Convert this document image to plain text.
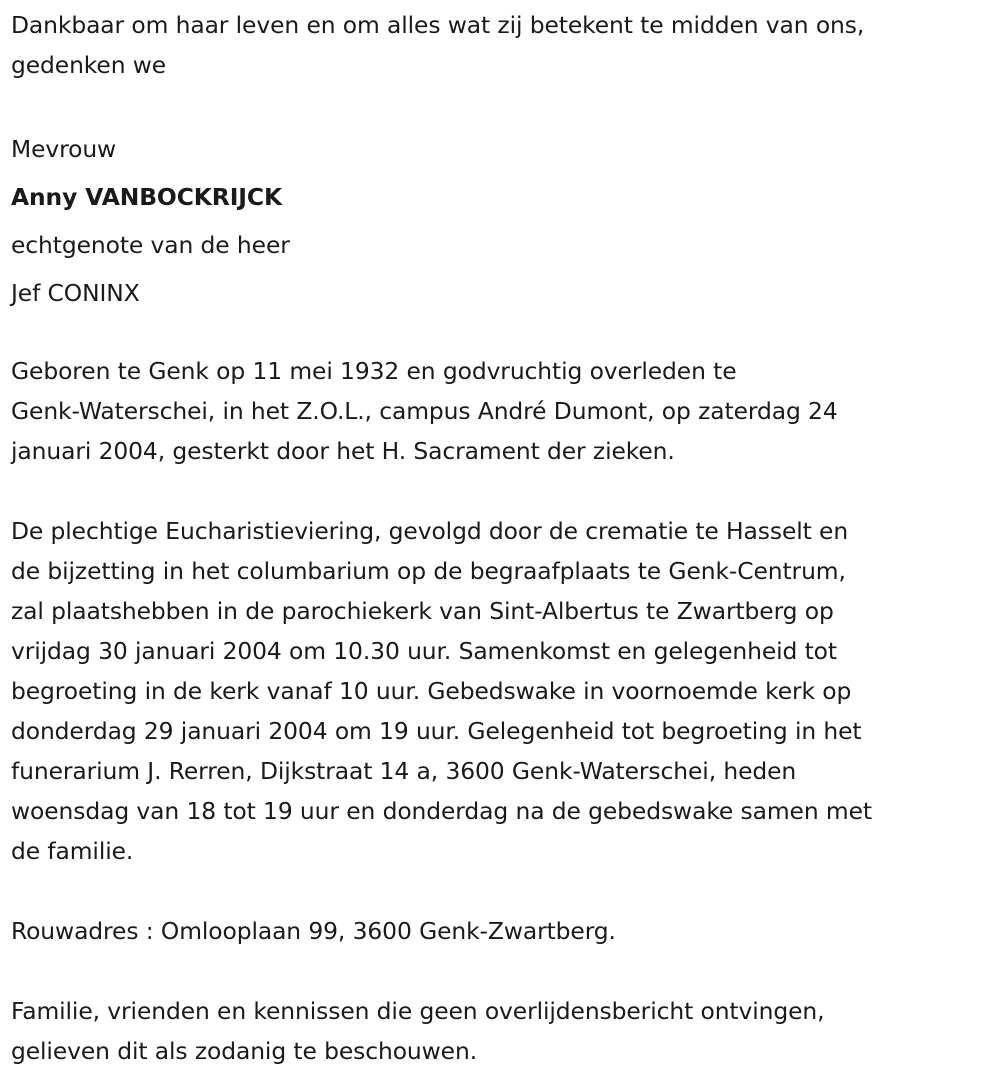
Dankbaar om haar leven en om alles wat zij betekent te midden van ons,
gedenken we

Mevrouw

Anny VANBOCKRIJCK

echtgenote van de heer

Jef CONINX

Geboren te Genk op 11 mei 1932 en godvruchtig overleden te
Genk-Waterschei, in het Z.O.L., campus André Dumont, op zaterdag 24
januari 2004, gesterkt door het H. Sacrament der zieken.
De plechtige Eucharistieviering, gevolgd door de crematie te Hasselt en
de bijzetting in het columbarium op de begraafplaats te Genk-Centrum,
zal plaatshebben in de parochiekerk van Sint-Albertus te Zwartberg op
vrijdag 30 januari 2004 om 10.30 uur. Samenkomst en gelegenheid tot
begroeting in de kerk vanaf 10 uur. Gebedswake in voornoemde kerk op
donderdag 29 januari 2004 om 19 uur. Gelegenheid tot begroeting in het
funerarium J. Rerren, Dijkstraat 14 a, 3600 Genk-Waterschei, heden
woensdag van 18 tot 19 uur en donderdag na de gebedswake samen met
de familie.
Rouwadres : Omlooplaan 99, 3600 Genk-Zwartberg.
Familie, vrienden en kennissen die geen overlijdensbericht ontvingen,
gelieven dit als zodanig te beschouwen.
